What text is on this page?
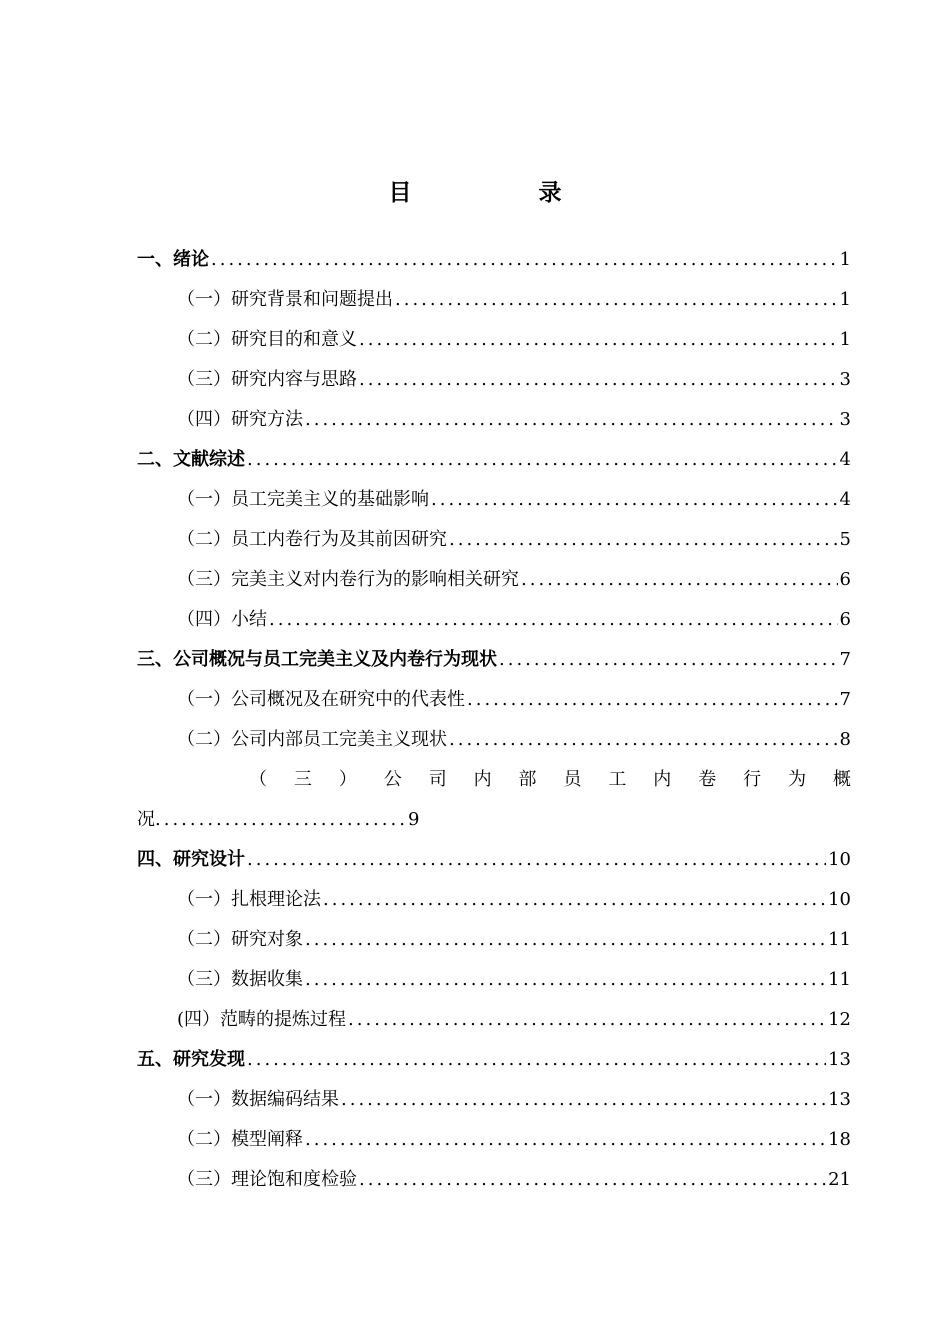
目　录
一、绪论 .....	1
（一）研究背景和问题提出 .....	1
（二）研究目的和意义 .....	1
（三）研究内容与思路 .....	3
（四）研究方法 .....	3
二、文献综述 .....	4
（一）员工完美主义的基础影响 .....	4
（二）员工内卷行为及其前因研究 .....	5
（三）完美主义对内卷行为的影响相关研究 .....	6
（四）小结 .....	6
三、公司概况与员工完美主义及内卷行为现状 .....	7
（一）公司概况及在研究中的代表性 .....	7
（二）公司内部员工完美主义现状 .....	8
（ 三 ） 公 司 内 部 员 工 内 卷 行 为 概
况 .....	9
四、研究设计 .....	10
（一）扎根理论法 .....	10
（二）研究对象 .....	11
（三）数据收集 .....	11
(四）范畴的提炼过程 .....	12
五、研究发现 .....	13
（一）数据编码结果 .....	13
（二）模型阐释 .....	18
（三）理论饱和度检验 .....	21
